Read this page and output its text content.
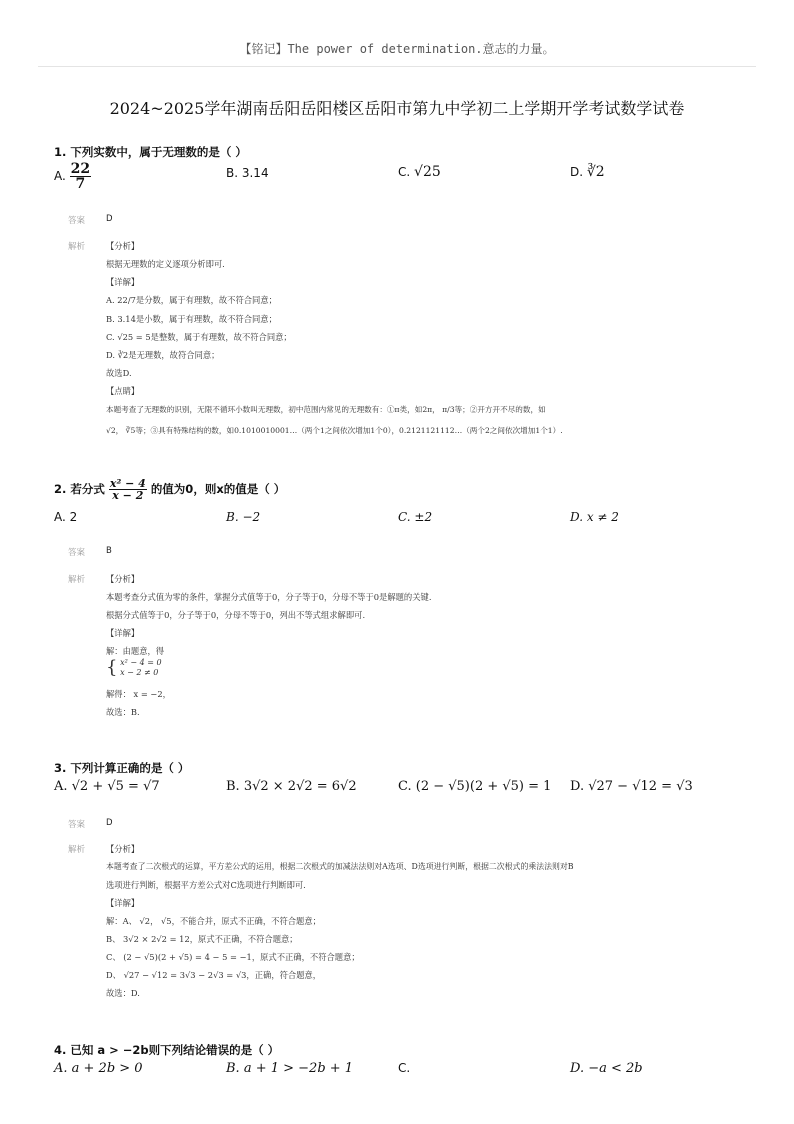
【铭记】The power of determination.意志的力量。
2024~2025学年湖南岳阳岳阳楼区岳阳市第九中学初二上学期开学考试数学试卷
1. 下列实数中，属于无理数的是（ ）
A. $\frac{22}{7}$	B. 3.14	C. √25	D. ∛2
答案 D
解析	【分析】
根据无理数的定义逐项分析即可.
【详解】
A. 22/7是分数，属于有理数，故不符合同意；
B. 3.14是小数，属于有理数，故不符合同意；
C. √25 = 5是整数，属于有理数，故不符合同意；
D. ∛2是无理数，故符合同意；
故选D.
【点睛】
本题考查了无理数的识别，无限不循环小数叫无理数，初中范围内常见的无理数有：①π类，如2π， π/3等；②开方开不尽的数，如
√2， ∛5等；③具有特殊结构的数，如0.1010010001…（两个1之间依次增加1个0），0.2121121112…（两个2之间依次增加1个1）.
2. 若分式 $\frac{\text{x² − 4}}{x - 2}$ 的值为0，则x的值是（ ）
A. 2	B. −2	C. ±2	D. x ≠ 2
答案 B
解析	【分析】
本题考查分式值为零的条件，掌握分式值等于0，分子等于0，分母不等于0是解题的关键.
根据分式值等于0，分子等于0，分母不等于0，列出不等式组求解即可.
【详解】
解：由题意，得
{ x² − 4 = 0
x − 2 ≠ 0
解得： x = −2，
故选：B.
3. 下列计算正确的是（ ）
A. √2 + √5 = √7	B. 3√2 × 2√2 = 6√2	C. (2 − √5)(2 + √5) = 1 D. √27 − √12 = √3
答案 D
解析	【分析】
本题考查了二次根式的运算，平方差公式的运用，根据二次根式的加减法法则对A选项、D选项进行判断，根据二次根式的乘法法则对B
选项进行判断，根据平方差公式对C选项进行判断即可.
【详解】
解：A、 √2， √5，不能合并，原式不正确，不符合题意；
B、 3√2 × 2√2 = 12，原式不正确，不符合题意；
C、 (2 − √5)(2 + √5) = 4 − 5 = −1，原式不正确，不符合题意；
D、 √27 − √12 = 3√3 − 2√3 = √3，正确，符合题意，
故选：D.
4. 已知 a > −2b则下列结论错误的是（ ）
A. a + 2b > 0	B. a + 1 > −2b + 1	C.	D. −a < 2b
